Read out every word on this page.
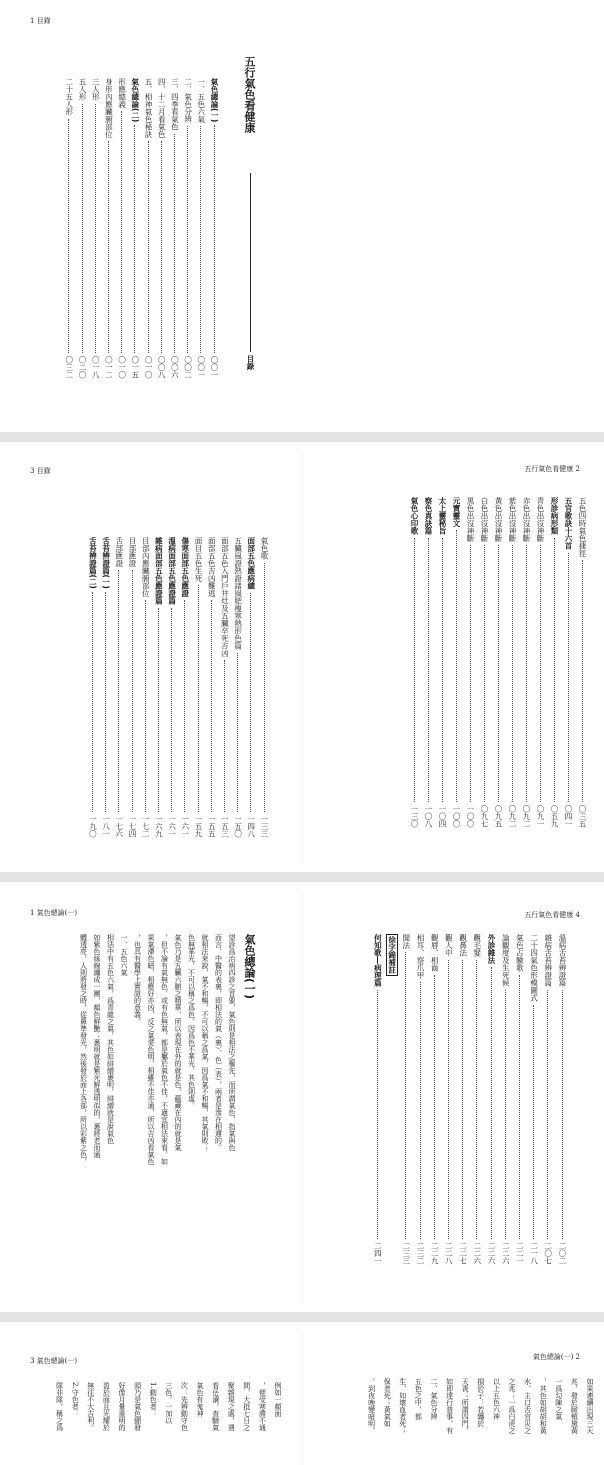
1 目錄
五行氣色看健康
目錄
氣色總論(一)
〇〇一
一、五色六氣
〇〇一
二、氣色分辨
〇〇二
三、四季看氣色
〇〇六
四、十二月看氣色
〇〇八
五、相神氣色秘訣
〇一〇
氣色總論(二)
〇一五
形應總義
〇一〇
身形內應臟腑部位
〇一二
三人形
〇一八
五人形
〇二〇
二十五人形
〇三二
3 目錄	五行氣色看健康 2
五色四時氣色捷徑
〇三五
五官歌訣十六首
〇四一
形診病形類
〇五九
青色出沒神斷
〇九一
赤色出沒神斷
〇九二
紫色出沒神斷
〇九二
黃色出沒神斷
〇九五
白色出沒神斷
〇九七
黑色出沒神斷
一〇〇
元寶靈文
一〇〇
太上靈秘旨
一〇四
察色真訣篇
一〇八
氣色心印歌
一三〇
氣色歌
一三三
面部五色應病總
一四八
五臟風證熱證諸風肥瘦寒熱形色篇
一五〇
面部五色入門戶井灶及五臟卒死吉凶
一五三
面部五色吉凶難逃
一五五
面目五色生死
一五九
傷寒面部五色應證
一六一
溫病面部五色應證篇
一六一
雜病面部五色應證篇
一六九
目部內應臟腑部位
一七二
目部應證
一七四
舌部應證
一七六
舌苔辨證篇(一)
一八一
舌苔辨證篇(二)
一九〇
1 氣色總論(一)	五行氣色看健康 4
氣色總論(一)
望診爲治病四診之首要，氣色則是相法之樞先，而所謂氣色，指氣與色
而言，中醫的表裏，即相法的氣（裏）、色（表），兩者是滲在相邇的。
就相法來說，氣不和暢，不可以稱之爲氣，因爲氣不和暢，其氣則敗；
色無華光，不可以稱之爲色，因爲色不華光，其色則虛。
氣色乃是五臟六腑之精華，所以表現在外的就是色，蘊藏在內的就是氣
，但不論有氣無色，或有色無氣，都是屬於氣色不佳，不適宜相法來看。如
果氣滯色暗，相應好亦凶，反之氣愛色明，相雖不佳亦通，所以吉凶看氣色
，也具有醫學上實證的意義。
一、五色六氣
相法中有五色六氣，爲青龍之氣，其色如緋繒裹明，緋繒就是說氣色
如紫色絲線纏成一團，顏色鮮艷；裹明就是紫光鮮透明似的，裹將老而通
體透亮，人則將發之時，從鼻準發光，然後發於面上各部，所以彩紫之色，	溫病舌苔辨證篇
二〇二
雜病舌苔辨證篇
二〇七
二十四氣色形模圖式
二一八
氣色占驗歌
二二一
論觀度及生死候
二二六
外診雜法
二二六
觀毛髮
二二六
觀鼻法
二二七
觀人中
二二八
觀唇、相齒
二二九
相耳、察爪甲
二三二
聞法
二三三
徐字錦補註
何知歌—病理篇
二四一
3 氣色總論(一)	氣色總論(一) 2
例如一顏面
，便受寒滯不通
間，大抵七日之
聚雜現之處，遇
看岳瀆，查驗氣
氣色有鬼神
次：先辨動守色
三色，一加以
1.動色者：
頭乃是氣色顯發
好像月暈重明的
盈於面且光耀於
無往不大吉利。
2.守色者：
隊非隊，稱之爲	如果連續出現三天
兆，發於臉頰黛黃
一爲勾陳之氣
，其色如胡胡和黃
水，主口舌官災之
之兆；一爲白虎之
以上五色六神
損於子：若纏於
天喪；所謂四門，
如即達行普事，有
二、氣色分辨
五色之中，都
生，如壞血者死；
保者死；黃氣如
，到夜晚變暗明，
